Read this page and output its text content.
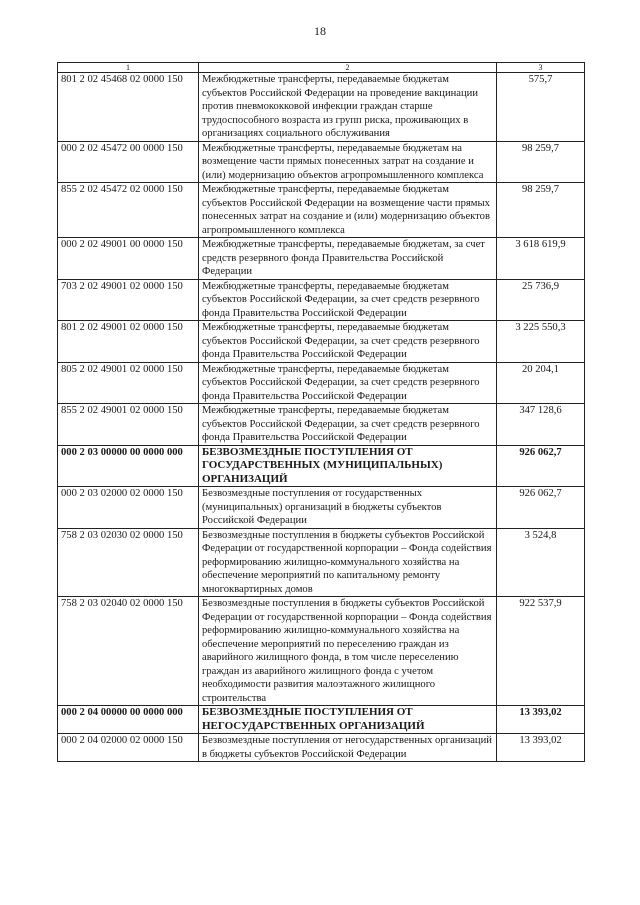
18
1	2	3
801 2 02 45468 02 0000 150	Межбюджетные трансферты, передаваемые бюджетам субъектов Российской Федерации на проведение вакцинации против пневмококковой инфекции граждан старше трудоспособного возраста из групп риска, проживающих в организациях социального обслуживания	575,7
000 2 02 45472 00 0000 150	Межбюджетные трансферты, передаваемые бюджетам на возмещение части прямых понесенных затрат на создание и (или) модернизацию объектов агропромышленного комплекса	98 259,7
855 2 02 45472 02 0000 150	Межбюджетные трансферты, передаваемые бюджетам субъектов Российской Федерации на возмещение части прямых понесенных затрат на создание и (или) модернизацию объектов агропромышленного комплекса	98 259,7
000 2 02 49001 00 0000 150	Межбюджетные трансферты, передаваемые бюджетам, за счет средств резервного фонда Правительства Российской Федерации	3 618 619,9
703 2 02 49001 02 0000 150	Межбюджетные трансферты, передаваемые бюджетам субъектов Российской Федерации, за счет средств резервного фонда Правительства Российской Федерации	25 736,9
801 2 02 49001 02 0000 150	Межбюджетные трансферты, передаваемые бюджетам субъектов Российской Федерации, за счет средств резервного фонда Правительства Российской Федерации	3 225 550,3
805 2 02 49001 02 0000 150	Межбюджетные трансферты, передаваемые бюджетам субъектов Российской Федерации, за счет средств резервного фонда Правительства Российской Федерации	20 204,1
855 2 02 49001 02 0000 150	Межбюджетные трансферты, передаваемые бюджетам субъектов Российской Федерации, за счет средств резервного фонда Правительства Российской Федерации	347 128,6
000 2 03 00000 00 0000 000	БЕЗВОЗМЕЗДНЫЕ ПОСТУПЛЕНИЯ ОТ ГОСУДАРСТВЕННЫХ (МУНИЦИПАЛЬНЫХ) ОРГАНИЗАЦИЙ	926 062,7
000 2 03 02000 02 0000 150	Безвозмездные поступления от государственных (муниципальных) организаций в бюджеты субъектов Российской Федерации	926 062,7
758 2 03 02030 02 0000 150	Безвозмездные поступления в бюджеты субъектов Российской Федерации от государственной корпорации – Фонда содействия реформированию жилищно-коммунального хозяйства на обеспечение мероприятий по капитальному ремонту многоквартирных домов	3 524,8
758 2 03 02040 02 0000 150	Безвозмездные поступления в бюджеты субъектов Российской Федерации от государственной корпорации – Фонда содействия реформированию жилищно-коммунального хозяйства на обеспечение мероприятий по переселению граждан из аварийного жилищного фонда, в том числе переселению граждан из аварийного жилищного фонда с учетом необходимости развития малоэтажного жилищного строительства	922 537,9
000 2 04 00000 00 0000 000	БЕЗВОЗМЕЗДНЫЕ ПОСТУПЛЕНИЯ ОТ НЕГОСУДАРСТВЕННЫХ ОРГАНИЗАЦИЙ	13 393,02
000 2 04 02000 02 0000 150	Безвозмездные поступления от негосударственных организаций в бюджеты субъектов Российской Федерации	13 393,02
